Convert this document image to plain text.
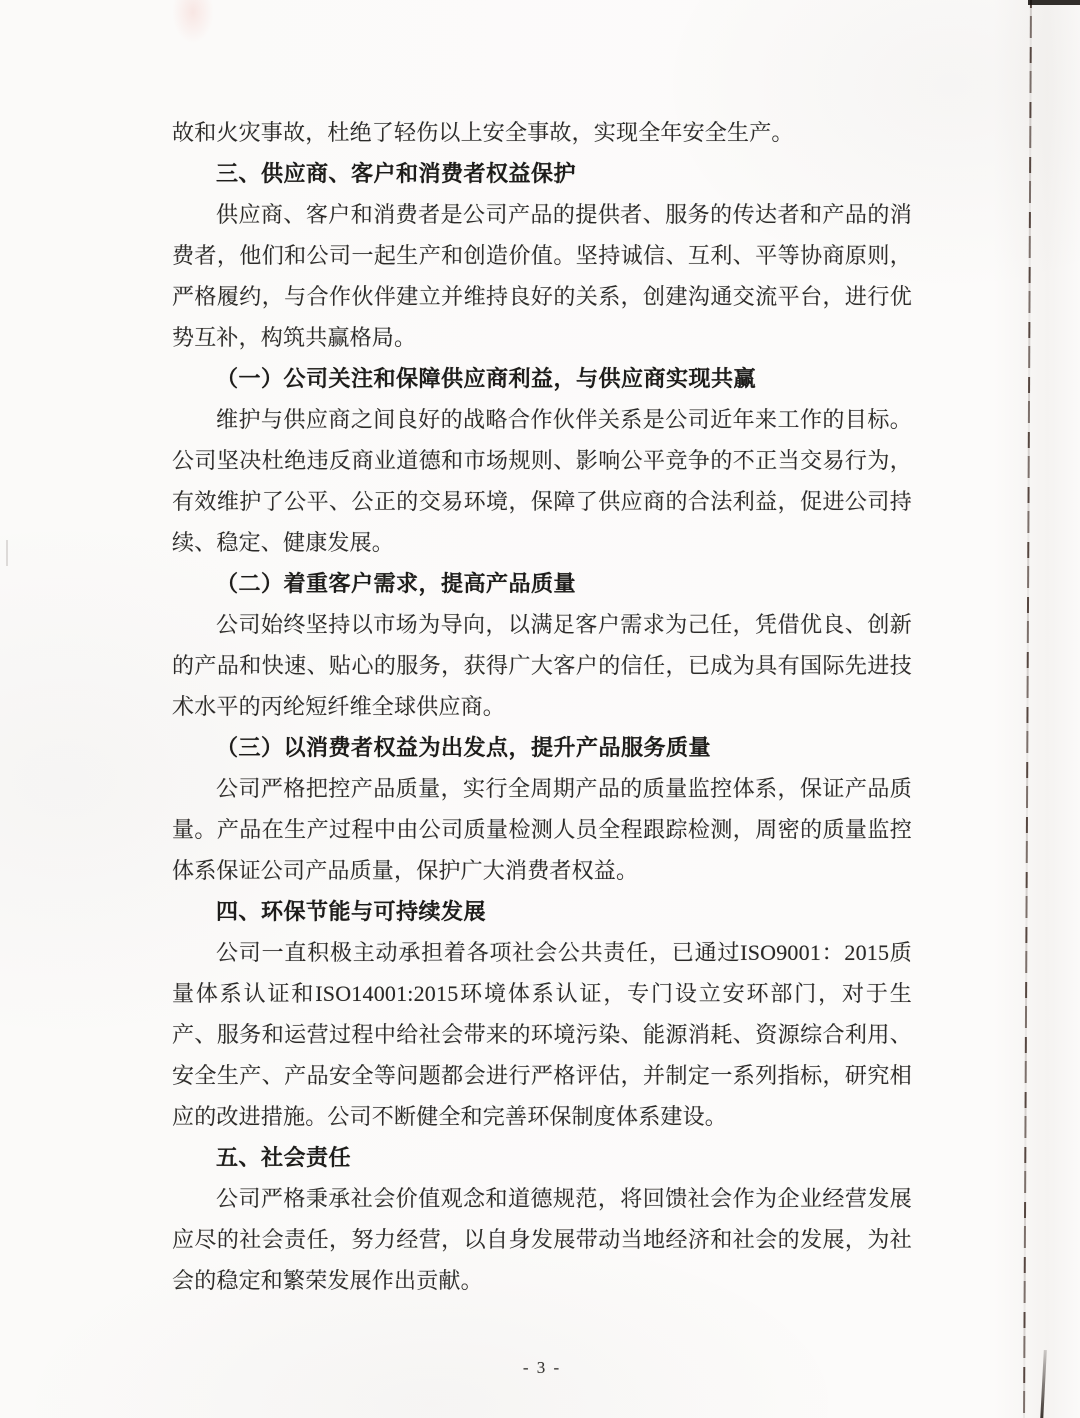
故和火灾事故，杜绝了轻伤以上安全事故，实现全年安全生产。
三、供应商、客户和消费者权益保护
供应商、客户和消费者是公司产品的提供者、服务的传达者和产品的消费者，他们和公司一起生产和创造价值。坚持诚信、互利、平等协商原则，严格履约，与合作伙伴建立并维持良好的关系，创建沟通交流平台，进行优势互补，构筑共赢格局。
（一）公司关注和保障供应商利益，与供应商实现共赢
维护与供应商之间良好的战略合作伙伴关系是公司近年来工作的目标。公司坚决杜绝违反商业道德和市场规则、影响公平竞争的不正当交易行为，有效维护了公平、公正的交易环境，保障了供应商的合法利益，促进公司持续、稳定、健康发展。
（二）着重客户需求，提高产品质量
公司始终坚持以市场为导向，以满足客户需求为己任，凭借优良、创新的产品和快速、贴心的服务，获得广大客户的信任，已成为具有国际先进技术水平的丙纶短纤维全球供应商。
（三）以消费者权益为出发点，提升产品服务质量
公司严格把控产品质量，实行全周期产品的质量监控体系，保证产品质量。产品在生产过程中由公司质量检测人员全程跟踪检测，周密的质量监控体系保证公司产品质量，保护广大消费者权益。
四、环保节能与可持续发展
公司一直积极主动承担着各项社会公共责任，已通过ISO9001：2015质量体系认证和ISO14001:2015环境体系认证，专门设立安环部门，对于生产、服务和运营过程中给社会带来的环境污染、能源消耗、资源综合利用、安全生产、产品安全等问题都会进行严格评估，并制定一系列指标，研究相应的改进措施。公司不断健全和完善环保制度体系建设。
五、社会责任
公司严格秉承社会价值观念和道德规范，将回馈社会作为企业经营发展应尽的社会责任，努力经营，以自身发展带动当地经济和社会的发展，为社会的稳定和繁荣发展作出贡献。
- 3 -
